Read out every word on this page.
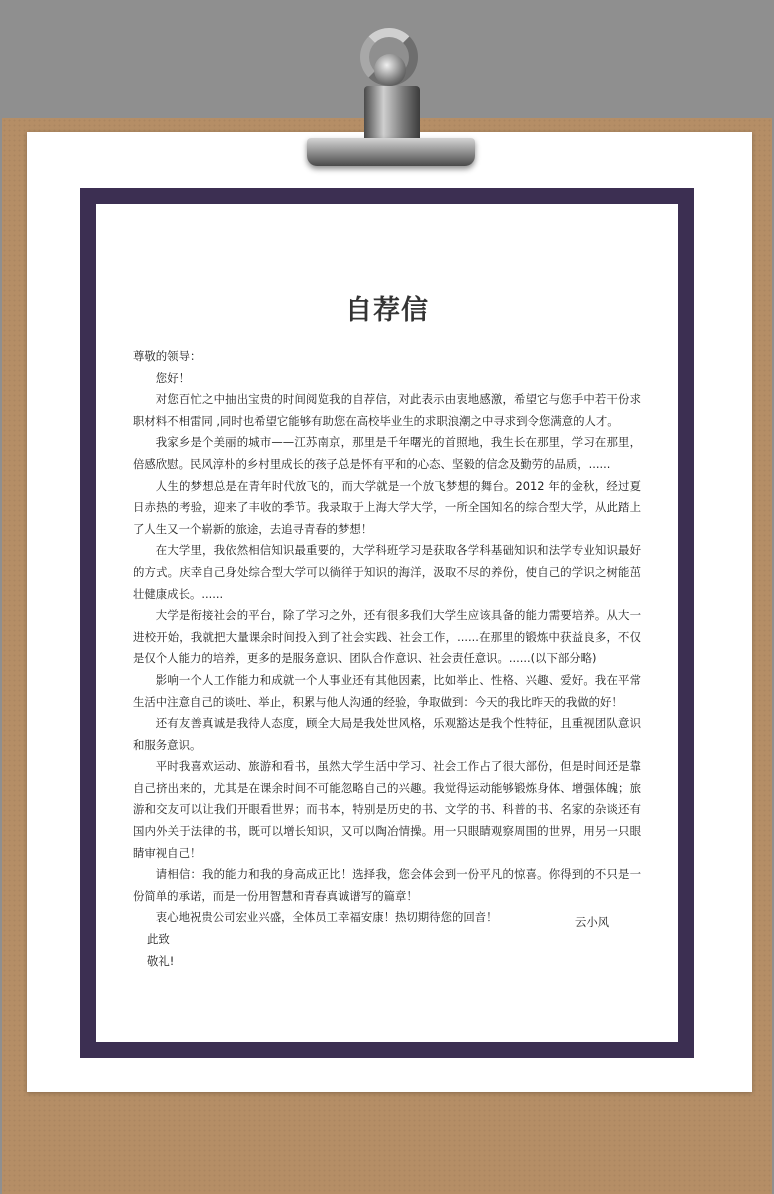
自荐信

尊敬的领导：

您好！

对您百忙之中抽出宝贵的时间阅览我的自荐信，对此表示由衷地感激，希望它与您手中若干份求职材料不相雷同 ,同时也希望它能够有助您在高校毕业生的求职浪潮之中寻求到令您满意的人才。

我家乡是个美丽的城市——江苏南京，那里是千年曙光的首照地，我生长在那里，学习在那里，倍感欣慰。民风淳朴的乡村里成长的孩子总是怀有平和的心态、坚毅的信念及勤劳的品质，......

人生的梦想总是在青年时代放飞的，而大学就是一个放飞梦想的舞台。2012 年的金秋，经过夏日赤热的考验，迎来了丰收的季节。我录取于上海大学大学，一所全国知名的综合型大学，从此踏上了人生又一个崭新的旅途，去追寻青春的梦想！

在大学里，我依然相信知识最重要的，大学科班学习是获取各学科基础知识和法学专业知识最好的方式。庆幸自己身处综合型大学可以徜徉于知识的海洋，汲取不尽的养份，使自己的学识之树能茁壮健康成长。......

大学是衔接社会的平台，除了学习之外，还有很多我们大学生应该具备的能力需要培养。从大一进校开始，我就把大量课余时间投入到了社会实践、社会工作，......在那里的锻炼中获益良多，不仅是仅个人能力的培养，更多的是服务意识、团队合作意识、社会责任意识。......(以下部分略)

影响一个人工作能力和成就一个人事业还有其他因素，比如举止、性格、兴趣、爱好。我在平常生活中注意自己的谈吐、举止，积累与他人沟通的经验，争取做到：今天的我比昨天的我做的好！

还有友善真诚是我待人态度，顾全大局是我处世风格，乐观豁达是我个性特征，且重视团队意识和服务意识。

平时我喜欢运动、旅游和看书，虽然大学生活中学习、社会工作占了很大部份，但是时间还是靠自己挤出来的，尤其是在课余时间不可能忽略自己的兴趣。我觉得运动能够锻炼身体、增强体魄；旅游和交友可以让我们开眼看世界；而书本，特别是历史的书、文学的书、科普的书、名家的杂谈还有国内外关于法律的书，既可以增长知识，又可以陶冶情操。用一只眼睛观察周围的世界，用另一只眼睛审视自己！

请相信：我的能力和我的身高成正比！选择我，您会体会到一份平凡的惊喜。你得到的不只是一份简单的承诺，而是一份用智慧和青春真诚谱写的篇章！

衷心地祝贵公司宏业兴盛，全体员工幸福安康！热切期待您的回音！

此致

敬礼!

云小风
